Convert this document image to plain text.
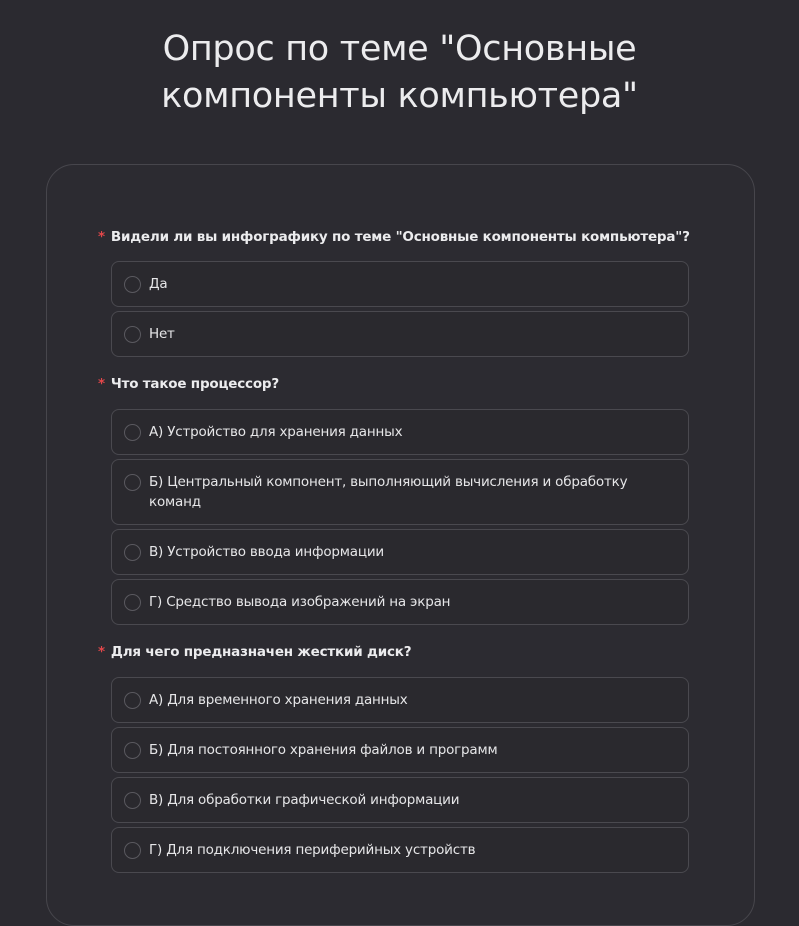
Опрос по теме "Основные
компоненты компьютера"
* Видели ли вы инфографику по теме "Основные компоненты компьютера"?
Да
Нет
* Что такое процессор?
А) Устройство для хранения данных
Б) Центральный компонент, выполняющий вычисления и обработку команд
В) Устройство ввода информации
Г) Средство вывода изображений на экран
* Для чего предназначен жесткий диск?
А) Для временного хранения данных
Б) Для постоянного хранения файлов и программ
В) Для обработки графической информации
Г) Для подключения периферийных устройств
